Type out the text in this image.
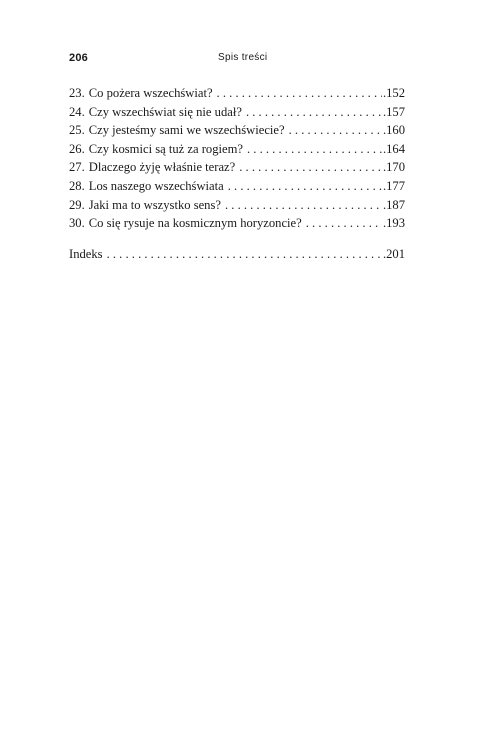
206	Spis treści
23. Co pożera wszechświat? . . .	.152
24. Czy wszechświat się nie udał? . . .	.157
25. Czy jesteśmy sami we wszechświecie? . . .	.160
26. Czy kosmici są tuż za rogiem? . . .	.164
27. Dlaczego żyję właśnie teraz? . . .	.170
28. Los naszego wszechświata . . .	.177
29. Jaki ma to wszystko sens? . . .	.187
30. Co się rysuje na kosmicznym horyzoncie? . . .	.193
Indeks . . .	.201
